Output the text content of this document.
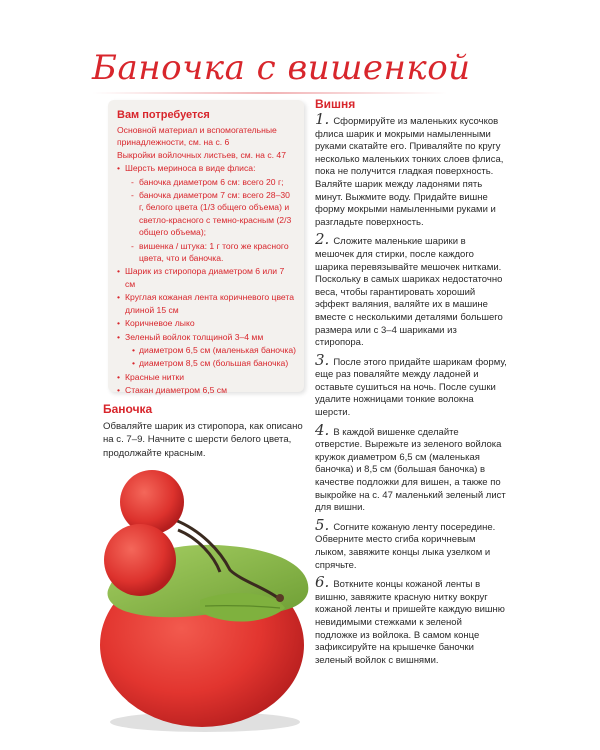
Баночка с вишенкой
Вам потребуется
Основной материал и вспомогательные принадлежности, см. на с. 6
Выкройки войлочных листьев, см. на с. 47
• Шерсть мериноса в виде флиса:
- баночка диаметром 6 см: всего 20 г;
- баночка диаметром 7 см: всего 28–30 г, белого цвета (1/3 общего объема) и светло-красного с темно-красным (2/3 общего объема);
- вишенка / штука: 1 г того же красного цвета, что и баночка.
• Шарик из стиропора диаметром 6 или 7 см
• Круглая кожаная лента коричневого цвета длиной 15 см
• Коричневое лыко
• Зеленый войлок толщиной 3–4 мм
• диаметром 6,5 см (маленькая баночка)
• диаметром 8,5 см (большая баночка)
• Красные нитки
• Стакан диаметром 6,5 см
Баночка
Обваляйте шарик из стиропора, как описано на с. 7–9. Начните с шерсти белого цвета, продолжайте красным.
Вишня
1. Сформируйте из маленьких кусочков флиса шарик и мокрыми намыленными руками скатайте его. Приваляйте по кругу несколько маленьких тонких слоев флиса, пока не получится гладкая поверхность. Валяйте шарик между ладонями пять минут. Выжмите воду. Придайте вишне форму мокрыми намыленными руками и разгладьте поверхность.
2. Сложите маленькие шарики в мешочек для стирки, после каждого шарика перевязывайте мешочек нитками. Поскольку в самых шариках недостаточно веса, чтобы гарантировать хороший эффект валяния, валяйте их в машине вместе с несколькими деталями большего размера или с 3–4 шариками из стиропора.
3. После этого придайте шарикам форму, еще раз поваляйте между ладоней и оставьте сушиться на ночь. После сушки удалите ножницами тонкие волокна шерсти.
4. В каждой вишенке сделайте отверстие. Вырежьте из зеленого войлока кружок диаметром 6,5 см (маленькая баночка) и 8,5 см (большая баночка) в качестве подложки для вишен, а также по выкройке на с. 47 маленький зеленый лист для вишни.
5. Согните кожаную ленту посередине. Обверните место сгиба коричневым лыком, завяжите концы лыка узелком и спрячьте.
6. Воткните концы кожаной ленты в вишню, завяжите красную нитку вокруг кожаной ленты и пришейте каждую вишню невидимыми стежками к зеленой подложке из войлока. В самом конце зафиксируйте на крышечке баночки зеленый войлок с вишнями.
